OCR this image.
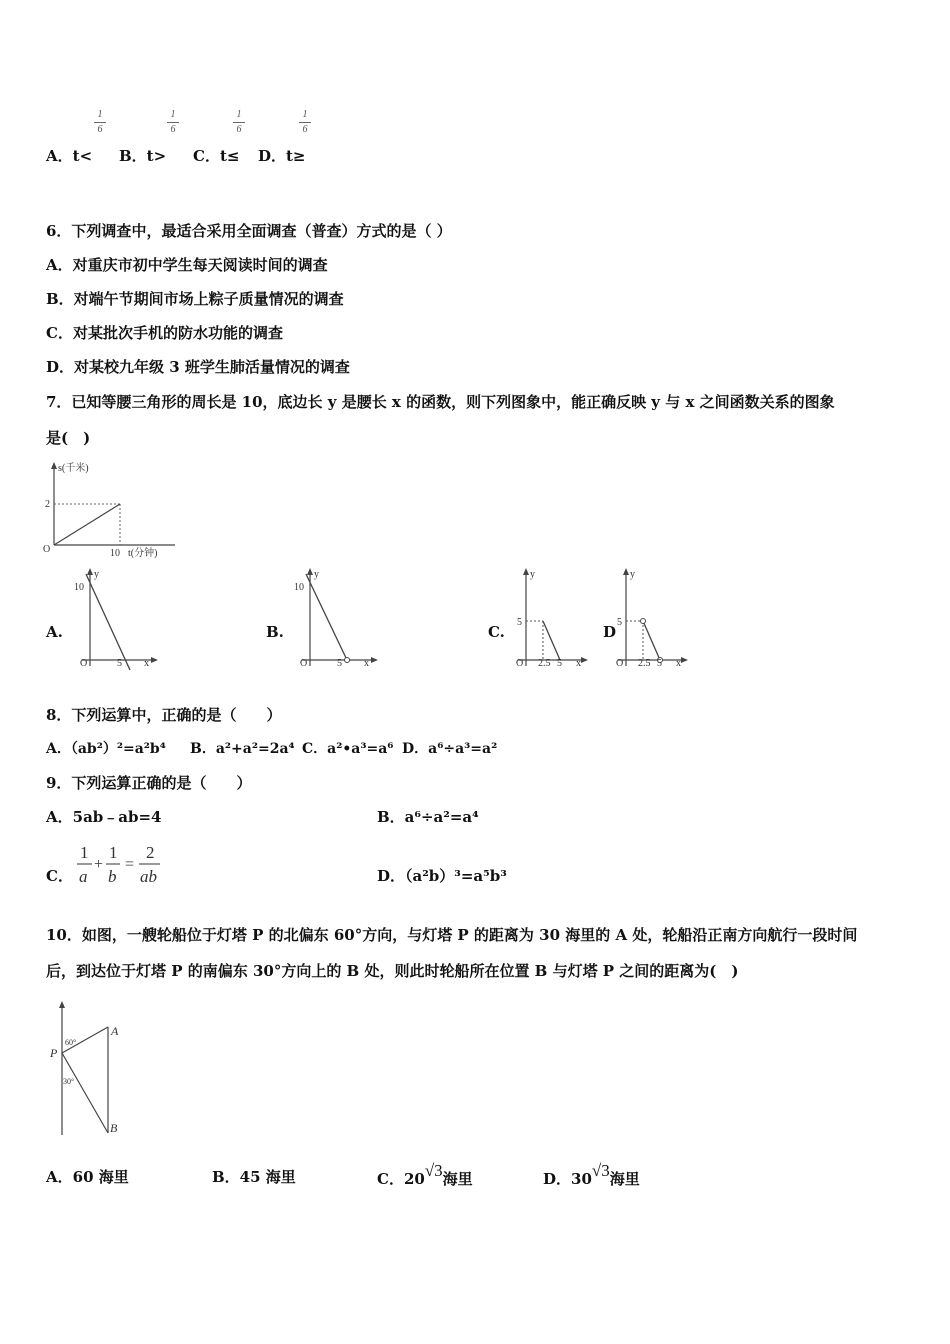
1
6
1
6
1
6
1
6
A．t< B．t> C．t≤ D．t≥
6．下列调查中，最适合采用全面调查（普查）方式的是（ ）
A．对重庆市初中学生每天阅读时间的调查
B．对端午节期间市场上粽子质量情况的调查
C．对某批次手机的防水功能的调查
D．对某校九年级 3 班学生肺活量情况的调查
7．已知等腰三角形的周长是 10，底边长 y 是腰长 x 的函数，则下列图象中，能正确反映 y 与 x 之间函数关系的图象
是(　)
s(千米)
2
O	10 t(分钟)
A.
y
10
O	5 x
B.
y
10
O	5 x
C.
y
5
O 2.5 5 x
D
y
5
O 2.5 5 x
8．下列运算中，正确的是（　　）
A．（ab²）²=a²b⁴ B．a²+a²=2a⁴ C．a²•a³=a⁶ D．a⁶÷a³=a²
9．下列运算正确的是（　　）
A．5ab﹣ab=4	B．a⁶÷a²=a⁴
C．
1
a
+
1
b
=
2
ab	D．（a²b）³=a⁵b³
10．如图，一艘轮船位于灯塔 P 的北偏东 60°方向，与灯塔 P 的距离为 30 海里的 A 处，轮船沿正南方向航行一段时间
后，到达位于灯塔 P 的南偏东 30°方向上的 B 处，则此时轮船所在位置 B 与灯塔 P 之间的距离为(　)
P
A
B
60°
30°
A．60 海里	B．45 海里	C．20√3海里	D．30√3海里
